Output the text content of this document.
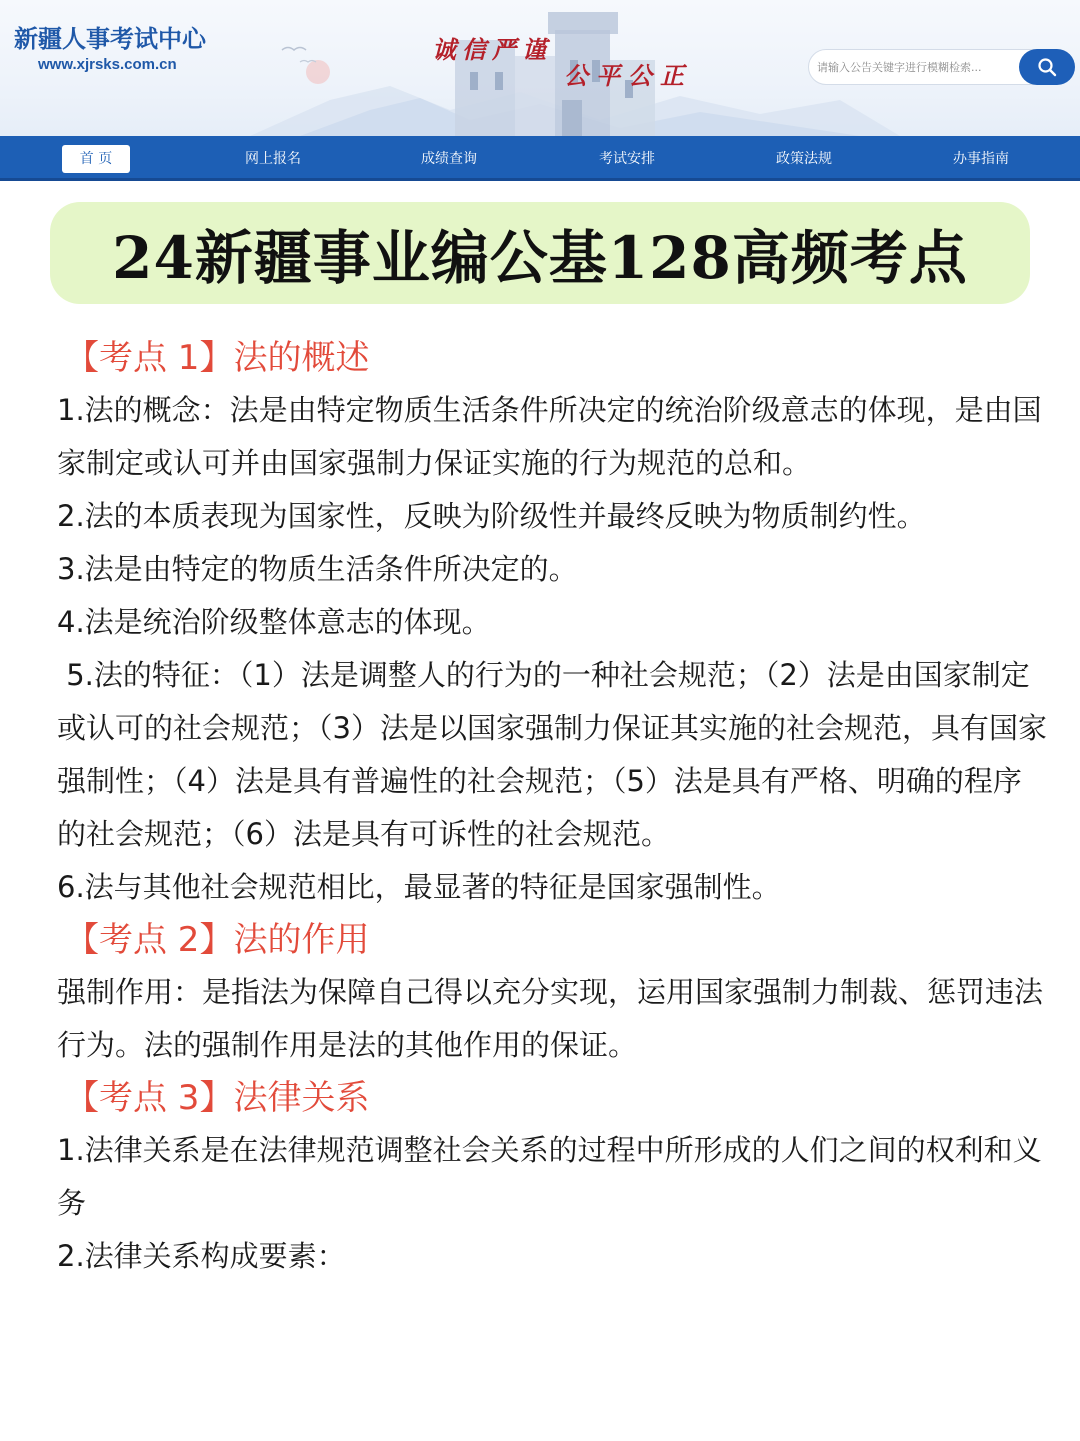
新疆人事考试中心
www.xjrsks.com.cn
诚信严谨
公平公正
请输入公告关键字进行模糊检索...
首 页	网上报名	成绩查询	考试安排	政策法规	办事指南
24新疆事业编公基128高频考点
【考点 1】法的概述
1.法的概念：法是由特定物质生活条件所决定的统治阶级意志的体现，是由国家制定或认可并由国家强制力保证实施的行为规范的总和。
2.法的本质表现为国家性，反映为阶级性并最终反映为物质制约性。
3.法是由特定的物质生活条件所决定的。
4.法是统治阶级整体意志的体现。
5.法的特征：（1）法是调整人的行为的一种社会规范；（2）法是由国家制定或认可的社会规范；（3）法是以国家强制力保证其实施的社会规范，具有国家强制性；（4）法是具有普遍性的社会规范；（5）法是具有严格、明确的程序的社会规范；（6）法是具有可诉性的社会规范。
6.法与其他社会规范相比，最显著的特征是国家强制性。
【考点 2】法的作用
强制作用：是指法为保障自己得以充分实现，运用国家强制力制裁、惩罚违法行为。法的强制作用是法的其他作用的保证。
【考点 3】法律关系
1.法律关系是在法律规范调整社会关系的过程中所形成的人们之间的权利和义务
2.法律关系构成要素：
